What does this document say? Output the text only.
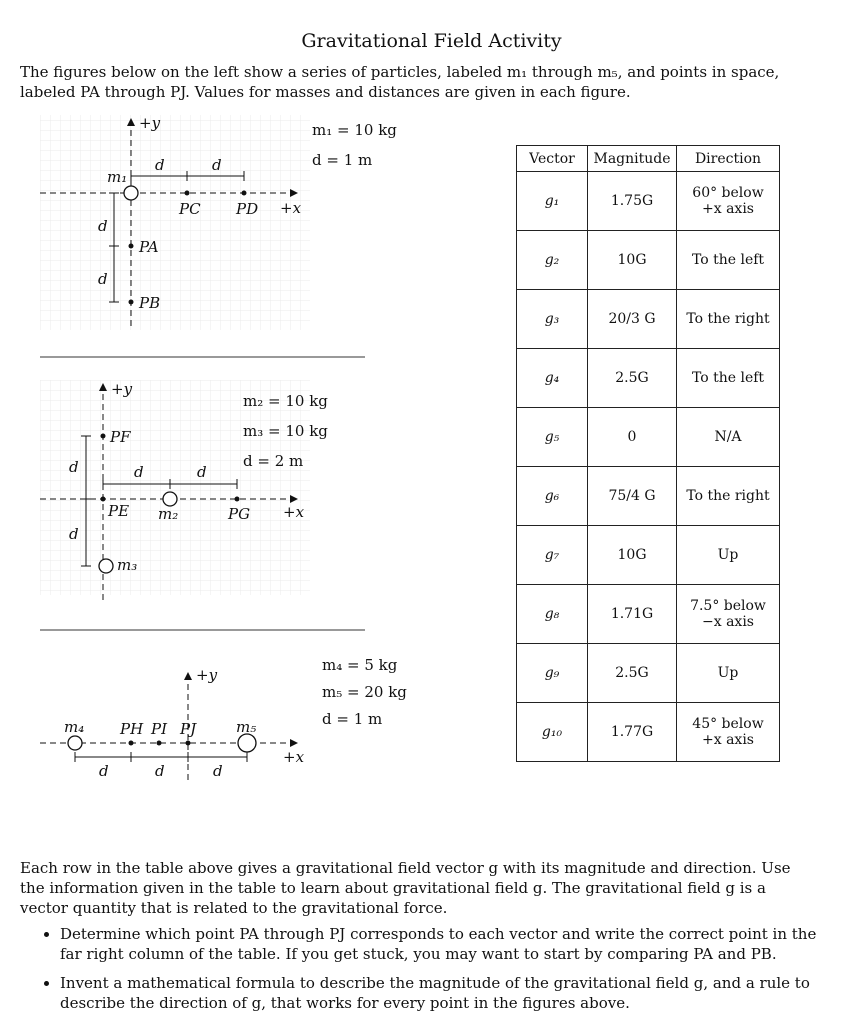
Gravitational Field Activity
The figures below on the left show a series of particles, labeled m₁ through m₅, and points in space, labeled PA through PJ. Values for masses and distances are given in each figure.
+y
+x
m₁
d	d
d
d
PC PD
PA
PB
m₁ = 10 kg
d = 1 m
+y
+x
m₂
m₃
PF
PE	PG
d	d
d
d
m₂ = 10 kg
m₃ = 10 kg
d = 2 m
+y
+x
m₄	m₅
PH PI PJ
d	d	d
m₄ = 5 kg
m₅ = 20 kg
d = 1 m
Vector	Magnitude	Direction
g₁	1.75G	60° below
+x axis

g₂	10G	To the left

g₃	20/3 G	To the right

g₄	2.5G	To the left

g₅	0	N/A

g₆	75/4 G	To the right

g₇	10G	Up

g₈	1.71G	7.5° below
−x axis

g₉	2.5G	Up

g₁₀	1.77G	45° below
+x axis
Each row in the table above gives a gravitational field vector g with its magnitude and direction. Use the information given in the table to learn about gravitational field g. The gravitational field g is a vector quantity that is related to the gravitational force.
• Determine which point PA through PJ corresponds to each vector and write the correct point in the far right column of the table. If you get stuck, you may want to start by comparing PA and PB.
• Invent a mathematical formula to describe the magnitude of the gravitational field g, and a rule to describe the direction of g, that works for every point in the figures above.
